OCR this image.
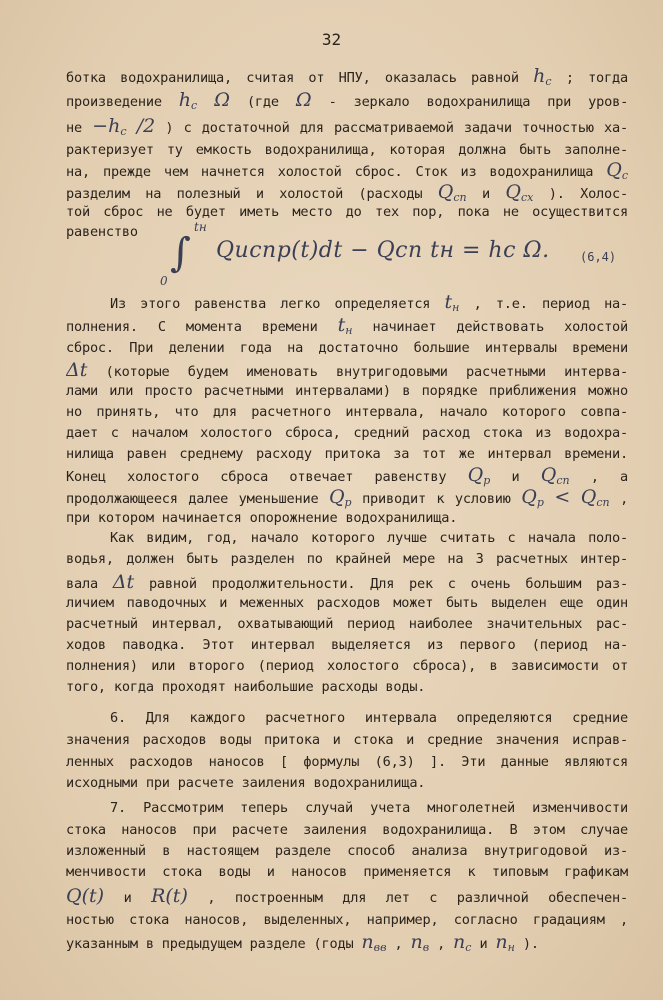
32
ботка водохранилища, считая от НПУ, оказалась равной $h_c$ ; тогда
произведение $h_c$ Ω (где Ω - зеркало водохранилища при уров-
не $-h_c$ /2 ) с достаточной для рассматриваемой задачи точностью ха-
рактеризует ту емкость водохранилища, которая должна быть заполне-
на, прежде чем начнется холостой сброс. Сток из водохранилища $Q_c$
разделим на полезный и холостой (расходы $Q_{сп}$ и $Q_{сх}$ ). Холос-
той сброс не будет иметь место до тех пор, пока не осуществится
равенство ∫
tн
0
Qиспр(t)dt − Qсп tн = hс Ω.	(6,4)
Из этого равенства легко определяется $t_н$ , т.е. период на-
полнения. С момента времени $t_н$ начинает действовать холостой
сброс. При делении года на достаточно большие интервалы времени
Δt (которые будем именовать внутригодовыми расчетными интерва-
лами или просто расчетными интервалами) в порядке приближения можно
но принять, что для расчетного интервала, начало которого совпа-
дает с началом холостого сброса, средний расход стока из водохра-
нилища равен среднему расходу притока за тот же интервал времени.
Конец холостого сброса отвечает равенству $Q_р$ и $Q_{сп}$ , а
продолжающееся далее уменьшение $Q_р$ приводит к условию $Q_р < Q_{сп}$ ,
при котором начинается опорожнение водохранилища.
Как видим, год, начало которого лучше считать с начала поло-
водья, должен быть разделен по крайней мере на 3 расчетных интер-
вала Δt равной продолжительности. Для рек с очень большим раз-
личием паводочных и меженных расходов может быть выделен еще один
расчетный интервал, охватывающий период наиболее значительных рас-
ходов паводка. Этот интервал выделяется из первого (период на-
полнения) или второго (период холостого сброса), в зависимости от
того, когда проходят наибольшие расходы воды.
6. Для каждого расчетного интервала определяются средние
значения расходов воды притока и стока и средние значения исправ-
ленных расходов наносов [ формулы (6,3) ]. Эти данные являются
исходными при расчете заиления водохранилища.
7. Рассмотрим теперь случай учета многолетней изменчивости
стока наносов при расчете заиления водохранилища. В этом случае
изложенный в настоящем разделе способ анализа внутригодовой из-
менчивости стока воды и наносов применяется к типовым графикам
Q(t) и R(t) , построенным для лет с различной обеспечен-
ностью стока наносов, выделенных, например, согласно градациям ,
указанным в предыдущем разделе (годы $n_{вв}$ , $n_в$ , $n_с$ и $n_н$ ).
